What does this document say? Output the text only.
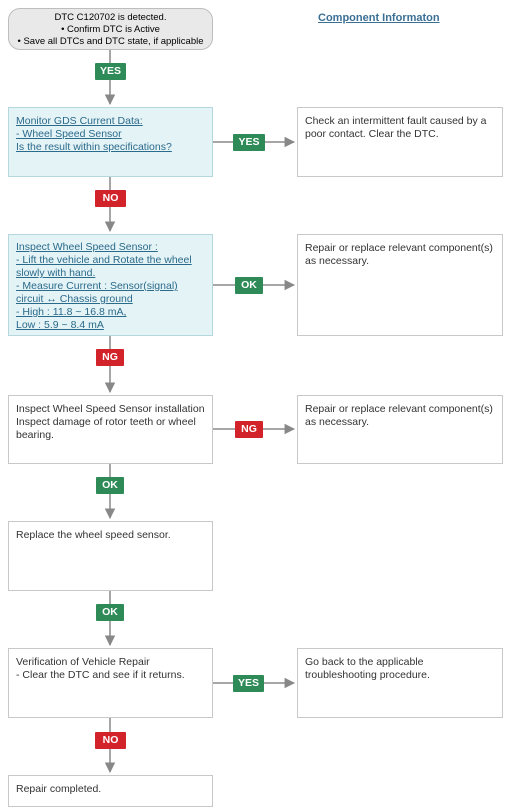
Component Informaton
DTC C120702 is detected.
• Confirm DTC is Active
• Save all DTCs and DTC state, if applicable
Monitor GDS Current Data:
- Wheel Speed Sensor
Is the result within specifications?
Check an intermittent fault caused by a poor contact. Clear the DTC.
Inspect Wheel Speed Sensor :
- Lift the vehicle and Rotate the wheel slowly with hand.
- Measure Current : Sensor(signal) circuit ↔ Chassis ground
- High : 11.8 ~ 16.8 mA,
Low : 5.9 ~ 8.4 mA
Repair or replace relevant component(s) as necessary.
Inspect Wheel Speed Sensor installation Inspect damage of rotor teeth or wheel bearing.
Repair or replace relevant component(s) as necessary.
Replace the wheel speed sensor.
Verification of Vehicle Repair
- Clear the DTC and see if it returns.
Go back to the applicable troubleshooting procedure.
Repair completed.
YES
YES
NO
OK
NG
NG
OK
OK
YES
NO
